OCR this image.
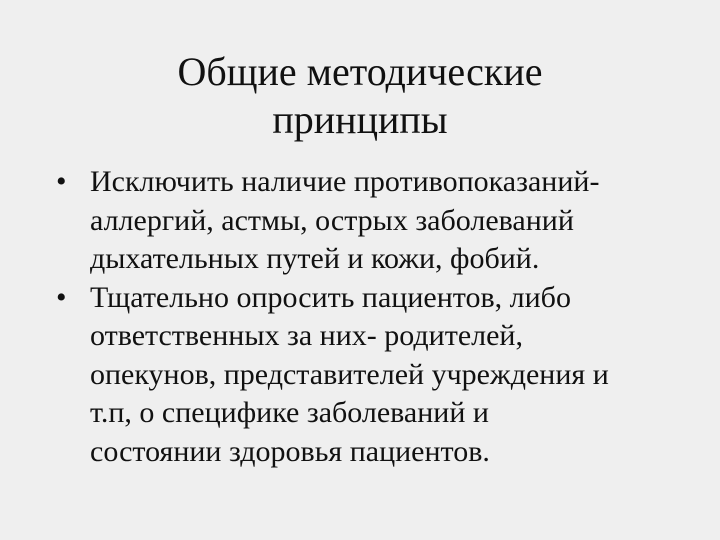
Общие методические
принципы
• Исключить наличие противопоказаний-
аллергий, астмы, острых заболеваний
дыхательных путей и кожи, фобий.
• Тщательно опросить пациентов, либо
ответственных за них- родителей,
опекунов, представителей учреждения и
т.п, о специфике заболеваний и
состоянии здоровья пациентов.
